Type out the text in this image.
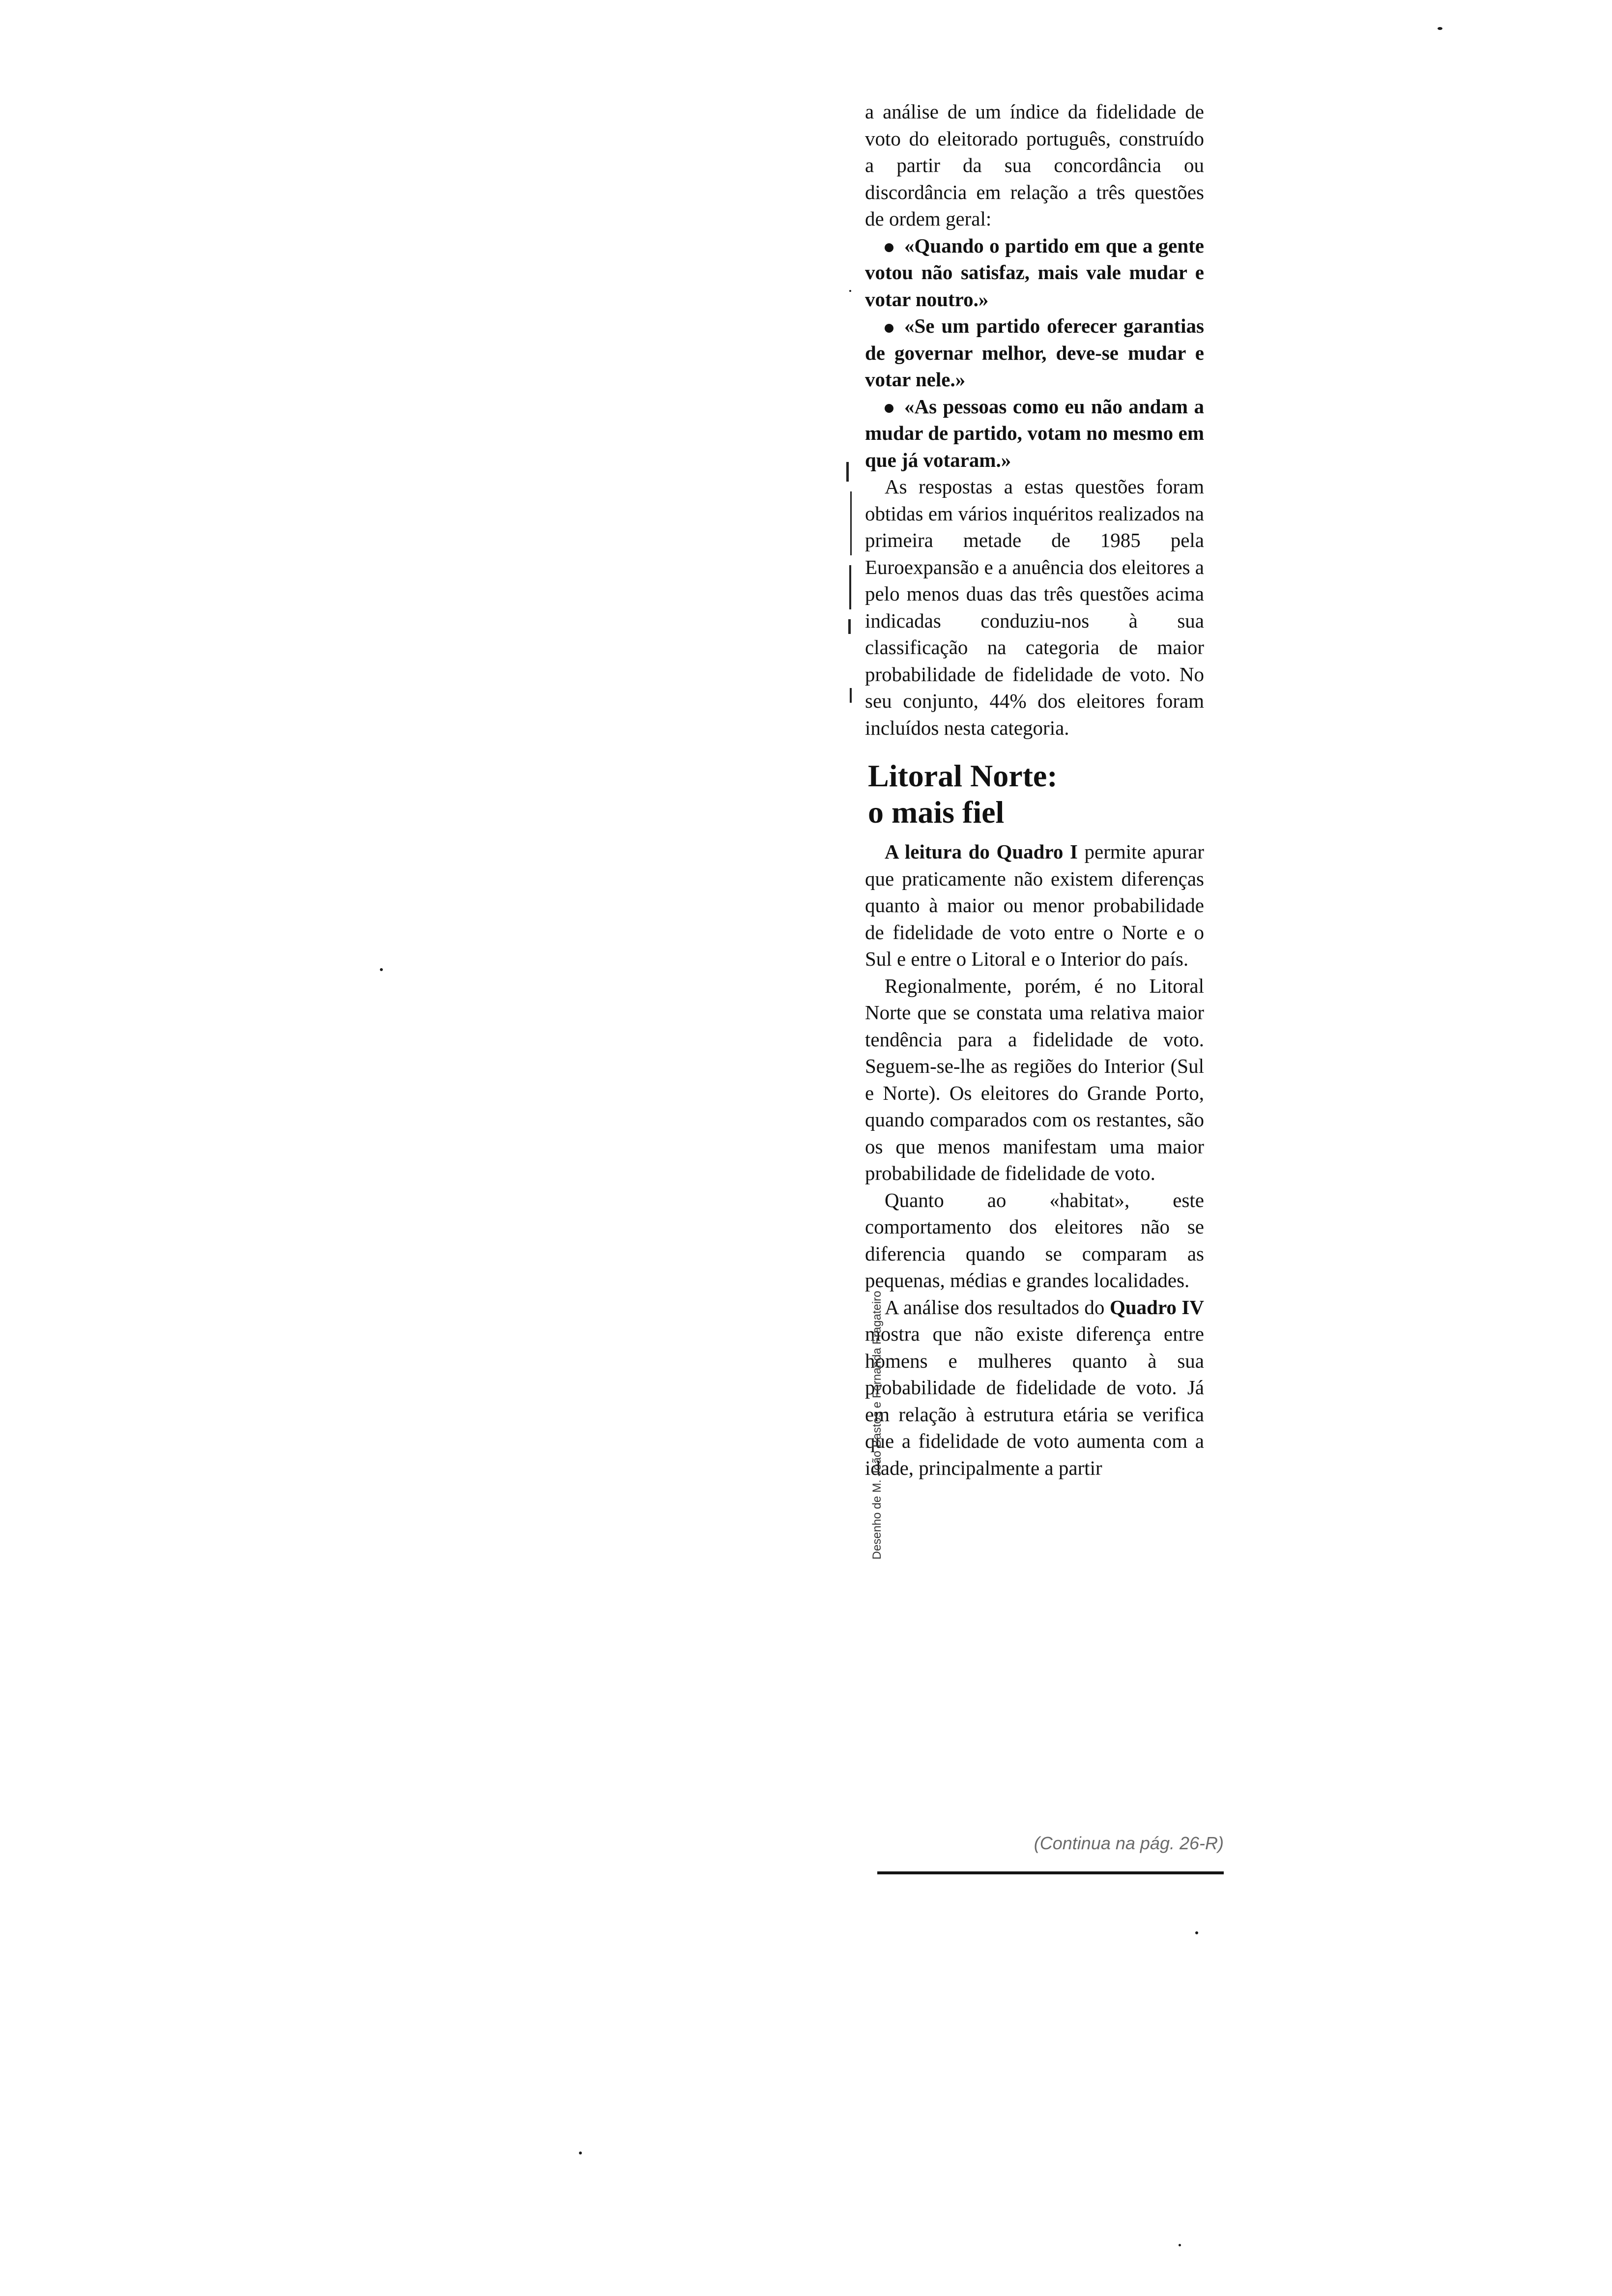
a análise de um índice da fidelidade de voto do eleitorado português, construído a partir da sua concordância ou discordância em relação a três questões de ordem geral:

«Quando o partido em que a gente votou não satisfaz, mais vale mudar e votar noutro.»

«Se um partido oferecer garantias de governar melhor, deve-se mudar e votar nele.»

«As pessoas como eu não andam a mudar de partido, votam no mesmo em que já votaram.»

As respostas a estas questões foram obtidas em vários inquéritos realizados na primeira metade de 1985 pela Euroexpansão e a anuência dos eleitores a pelo menos duas das três questões acima indicadas conduziu-nos à sua classificação na categoria de maior probabilidade de fidelidade de voto. No seu conjunto, 44% dos eleitores foram incluídos nesta categoria.

Litoral Norte:
o mais fiel

A leitura do Quadro I permite apurar que praticamente não existem diferenças quanto à maior ou menor probabilidade de fidelidade de voto entre o Norte e o Sul e entre o Litoral e o Interior do país.

Regionalmente, porém, é no Litoral Norte que se constata uma relativa maior tendência para a fidelidade de voto. Seguem-se-lhe as regiões do Interior (Sul e Norte). Os eleitores do Grande Porto, quando comparados com os restantes, são os que menos manifestam uma maior probabilidade de fidelidade de voto.

Quanto ao «habitat», este comportamento dos eleitores não se diferencia quando se comparam as pequenas, médias e grandes localidades.

A análise dos resultados do Quadro IV mostra que não existe diferença entre homens e mulheres quanto à sua probabilidade de fidelidade de voto. Já em relação à estrutura etária se verifica que a fidelidade de voto aumenta com a idade, principalmente a partir

Desenho de M. João Bastos e Fernanda Fragateiro
(Continua na pág. 26-R)
